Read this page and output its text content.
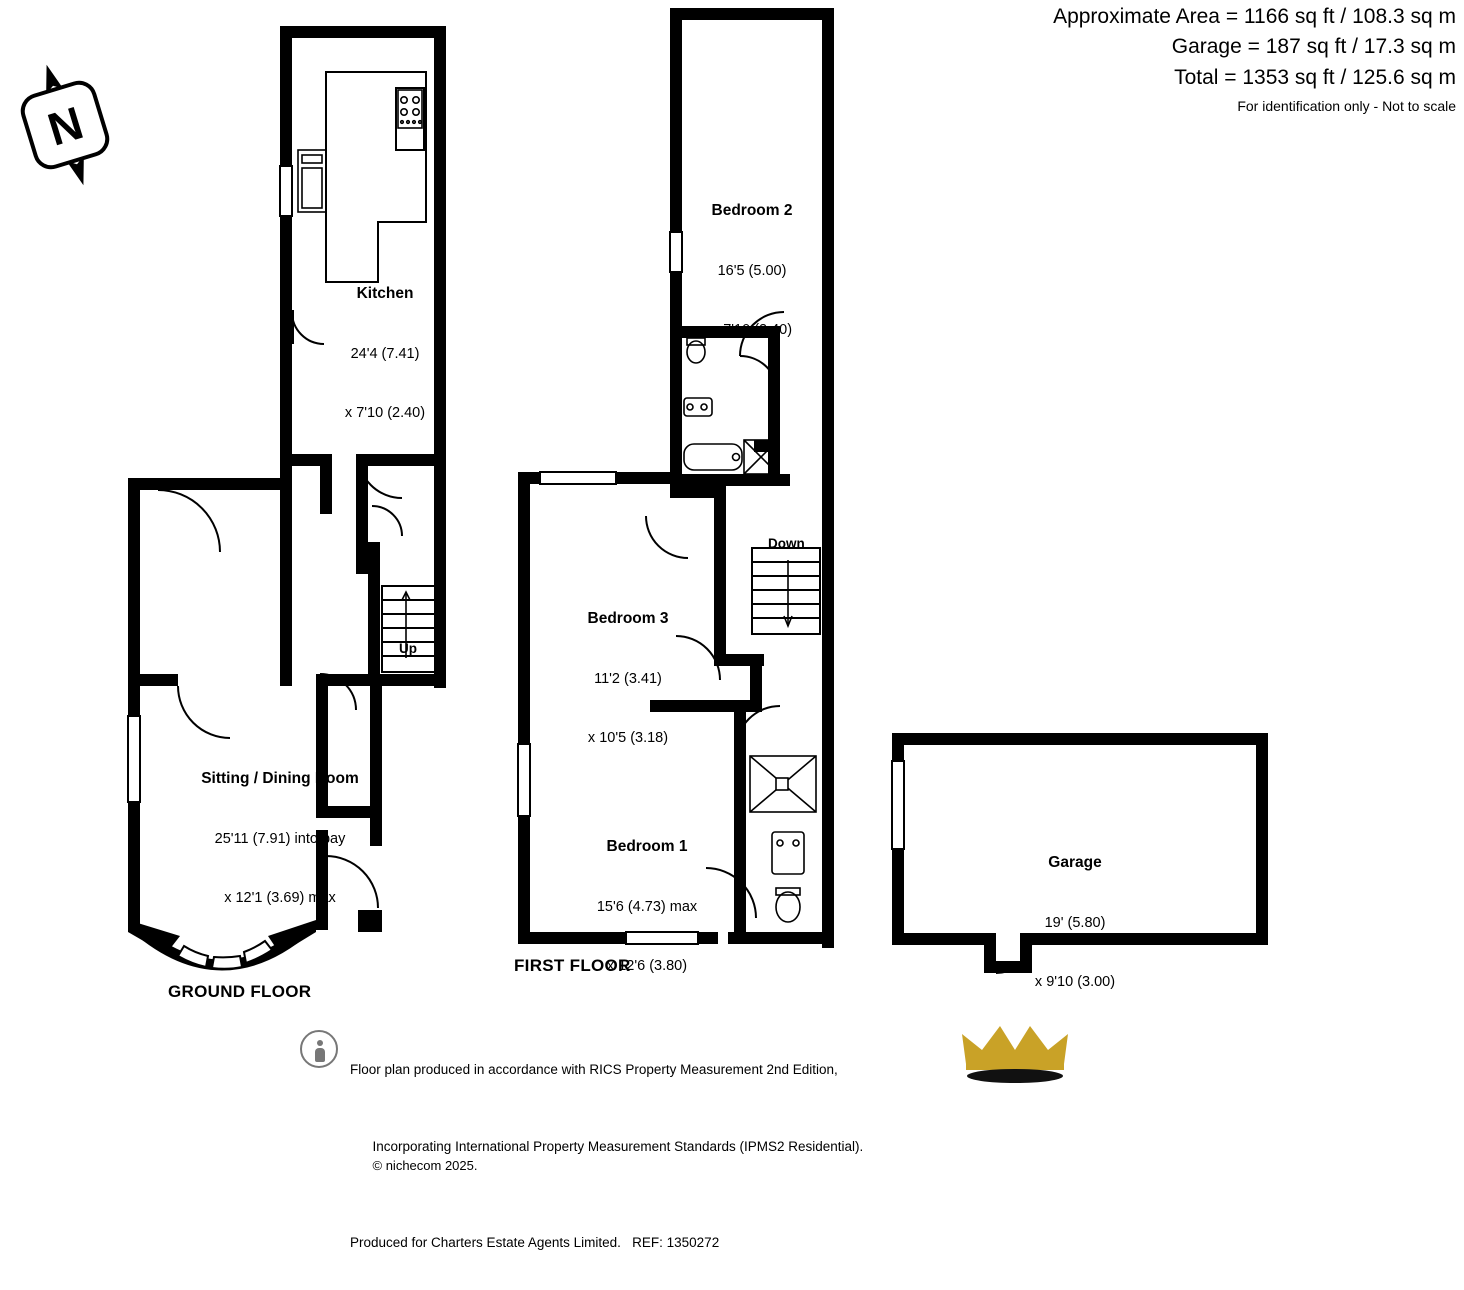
Approximate Area = 1166 sq ft / 108.3 sq m
Garage = 187 sq ft / 17.3 sq m
Total = 1353 sq ft / 125.6 sq m
For identification only - Not to scale
N

Kitchen

24'4 (7.41)

x 7'10 (2.40)

Sitting / Dining Room

25'11 (7.91) into bay

x 12'1 (3.69) max

Up
GROUND FLOOR

Bedroom 2

16'5 (5.00)

x 7'10 (2.40)

Bedroom 3

11'2 (3.41)

x 10'5 (3.18)

Bedroom 1

15'6 (4.73) max

x 12'6 (3.80)

Down
FIRST FLOOR

Garage

19' (5.80)

x 9'10 (3.00)

Floor plan produced in accordance with RICS Property Measurement 2nd Edition,

Incorporating International Property Measurement Standards (IPMS2 Residential).
© nichecom 2025.

Produced for Charters Estate Agents Limited.   REF: 1350272
